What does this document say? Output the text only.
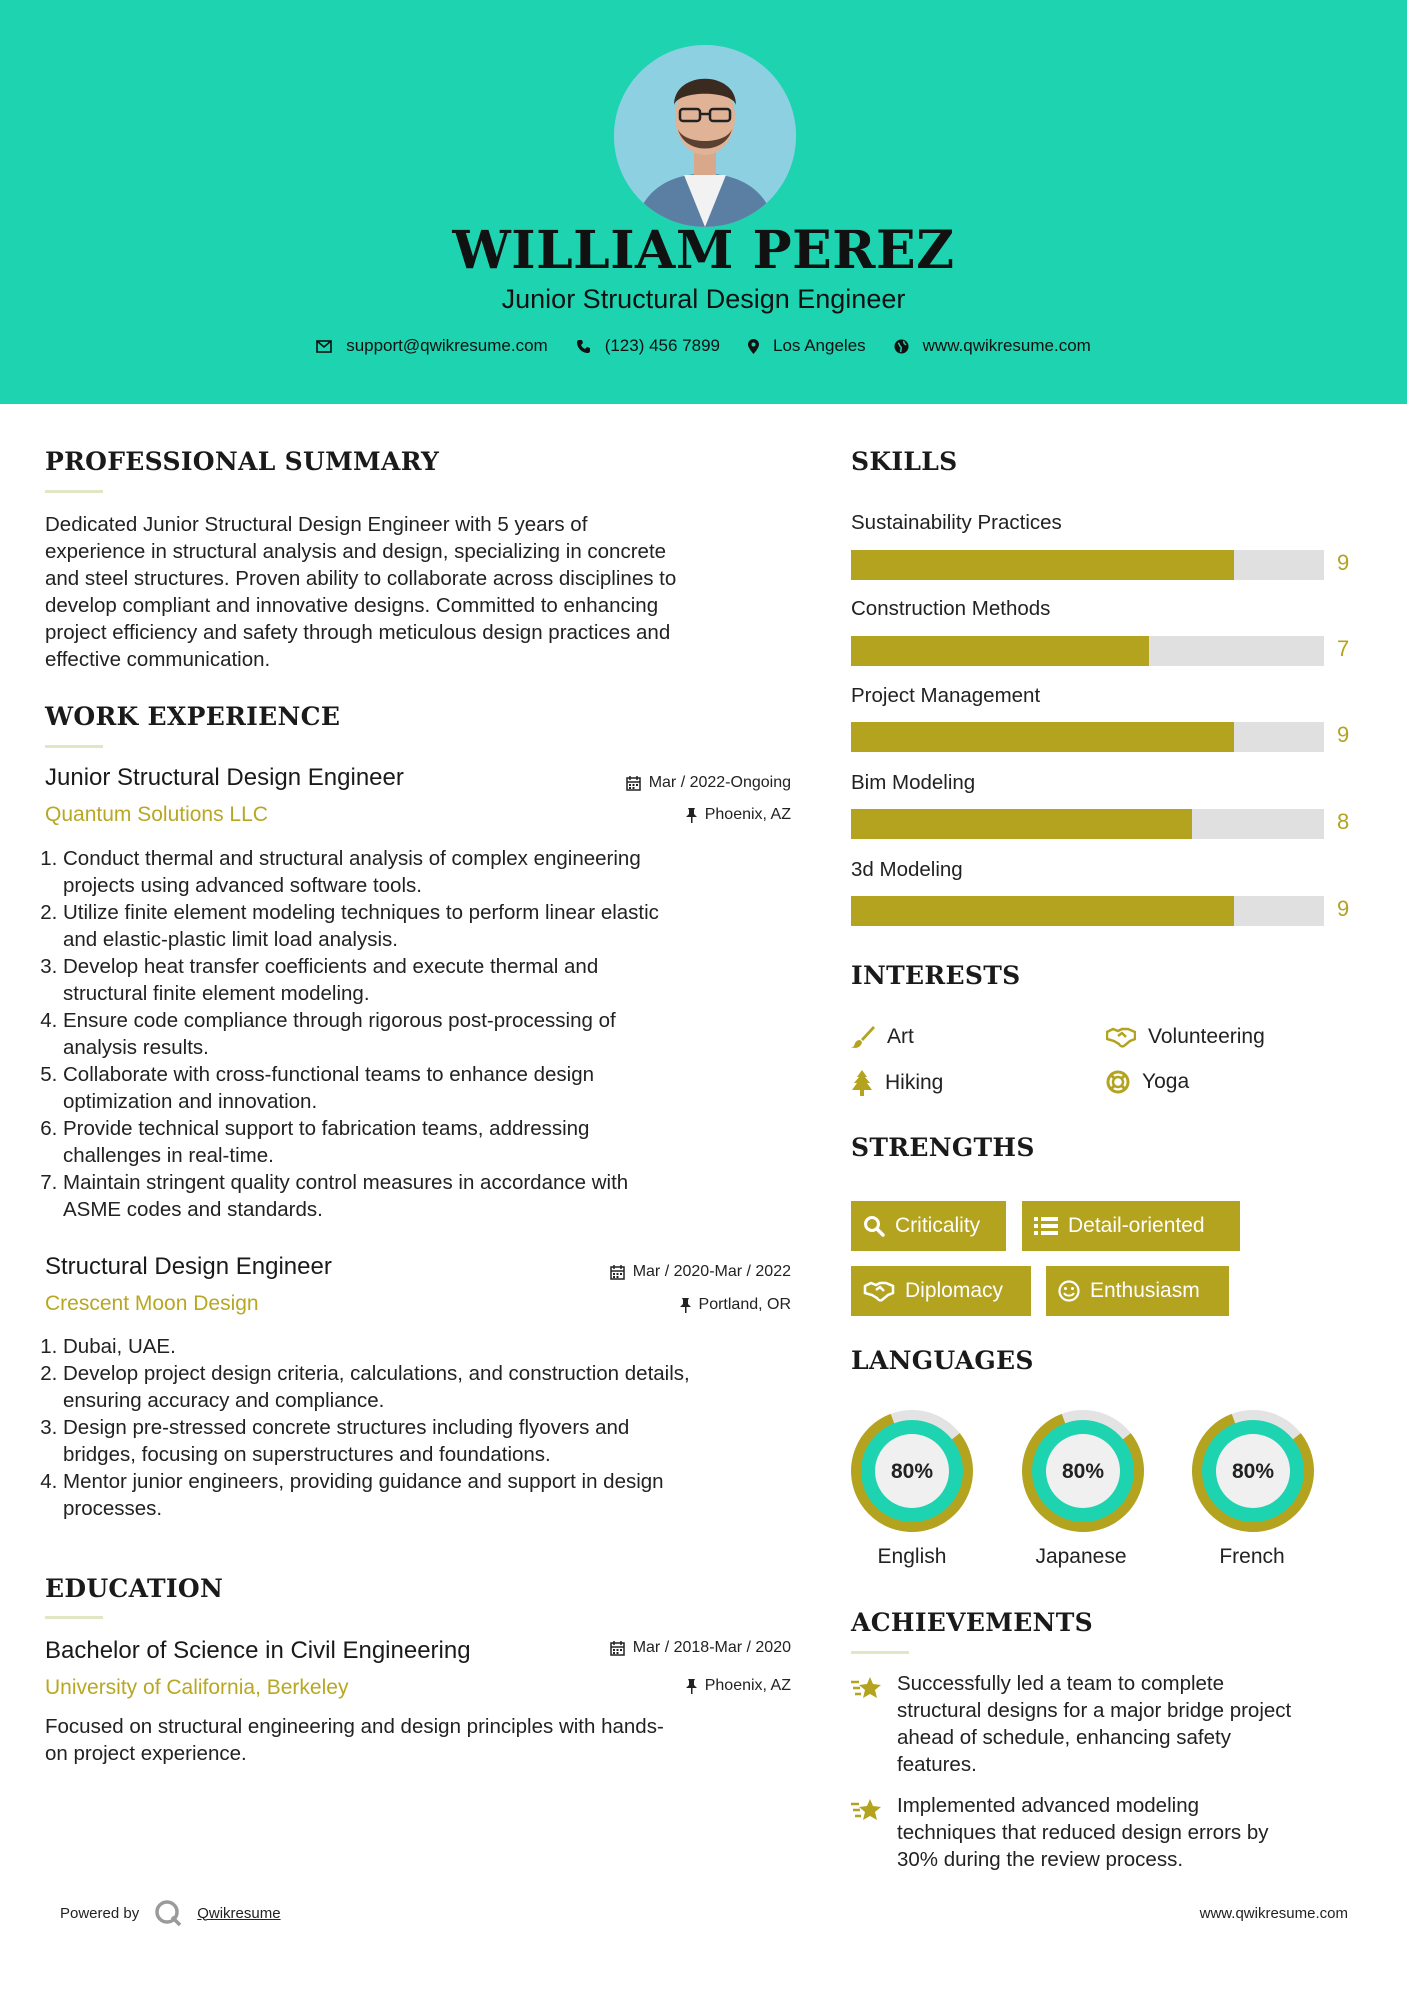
WILLIAM PEREZ
Junior Structural Design Engineer
support@qwikresume.com	(123) 456 7899	Los Angeles	www.qwikresume.com
PROFESSIONAL SUMMARY
Dedicated Junior Structural Design Engineer with 5 years of
experience in structural analysis and design, specializing in concrete
and steel structures. Proven ability to collaborate across disciplines to
develop compliant and innovative designs. Committed to enhancing
project efficiency and safety through meticulous design practices and
effective communication.
WORK EXPERIENCE
Junior Structural Design Engineer	Mar / 2022-Ongoing
Quantum Solutions LLC	Phoenix, AZ
1. Conduct thermal and structural analysis of complex engineering
projects using advanced software tools.
2. Utilize finite element modeling techniques to perform linear elastic
and elastic-plastic limit load analysis.
3. Develop heat transfer coefficients and execute thermal and
structural finite element modeling.
4. Ensure code compliance through rigorous post-processing of
analysis results.
5. Collaborate with cross-functional teams to enhance design
optimization and innovation.
6. Provide technical support to fabrication teams, addressing
challenges in real-time.
7. Maintain stringent quality control measures in accordance with
ASME codes and standards.
Structural Design Engineer	Mar / 2020-Mar / 2022
Crescent Moon Design	Portland, OR
1. Dubai, UAE.
2. Develop project design criteria, calculations, and construction details,
ensuring accuracy and compliance.
3. Design pre-stressed concrete structures including flyovers and
bridges, focusing on superstructures and foundations.
4. Mentor junior engineers, providing guidance and support in design
processes.
EDUCATION
Bachelor of Science in Civil Engineering	Mar / 2018-Mar / 2020
University of California, Berkeley	Phoenix, AZ
Focused on structural engineering and design principles with hands-
on project experience.
SKILLS
Sustainability Practices
9
Construction Methods
7
Project Management
9
Bim Modeling
8
3d Modeling
9
INTERESTS
Art	Volunteering
Hiking	Yoga
STRENGTHS
Criticality	Detail-oriented
Diplomacy	Enthusiasm
LANGUAGES
80%	80%	80%
English	Japanese	French
ACHIEVEMENTS
Successfully led a team to complete
structural designs for a major bridge project
ahead of schedule, enhancing safety
features.
Implemented advanced modeling
techniques that reduced design errors by
30% during the review process.
Powered by	Qwikresume	www.qwikresume.com
